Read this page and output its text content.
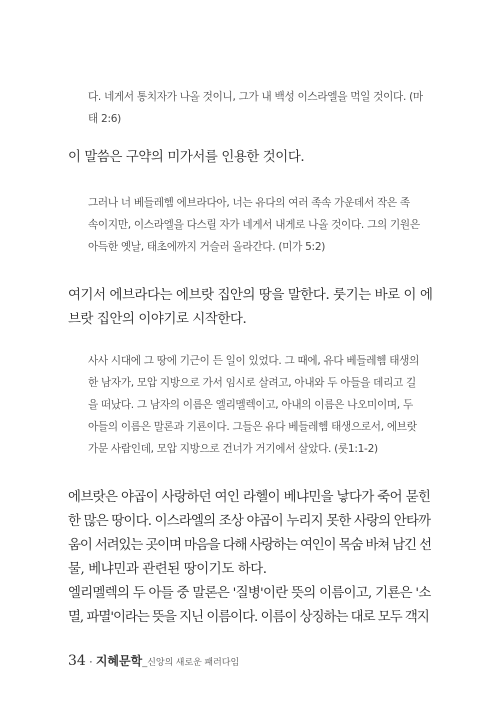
다. 네게서 통치자가 나올 것이니, 그가 내 백성 이스라엘을 먹일 것이다. (마
태 2:6)
이 말씀은 구약의 미가서를 인용한 것이다.
그러나 너 베들레헴 에브라다아, 너는 유다의 여러 족속 가운데서 작은 족
속이지만, 이스라엘을 다스릴 자가 네게서 내게로 나올 것이다. 그의 기원은
아득한 옛날, 태초에까지 거슬러 올라간다. (미가 5:2)
여기서 에브라다는 에브랏 집안의 땅을 말한다. 룻기는 바로 이 에
브랏 집안의 이야기로 시작한다.
사사 시대에 그 땅에 기근이 든 일이 있었다. 그 때에, 유다 베들레헴 태생의
한 남자가, 모압 지방으로 가서 임시로 살려고, 아내와 두 아들을 데리고 길
을 떠났다. 그 남자의 이름은 엘리멜렉이고, 아내의 이름은 나오미이며, 두
아들의 이름은 말론과 기룐이다. 그들은 유다 베들레헴 태생으로서, 에브랏
가문 사람인데, 모압 지방으로 건너가 거기에서 살았다. (룻1:1-2)
에브랏은 야곱이 사랑하던 여인 라헬이 베냐민을 낳다가 죽어 묻힌
한 많은 땅이다. 이스라엘의 조상 야곱이 누리지 못한 사랑의 안타까
움이 서려있는 곳이며 마음을 다해 사랑하는 여인이 목숨 바쳐 남긴 선
물, 베냐민과 관련된 땅이기도 하다.
엘리멜렉의 두 아들 중 말론은 '질병'이란 뜻의 이름이고, 기룐은 '소
멸, 파멸'이라는 뜻을 지닌 이름이다. 이름이 상징하는 대로 모두 객지
34 · 지혜문학_신앙의 새로운 패러다임
